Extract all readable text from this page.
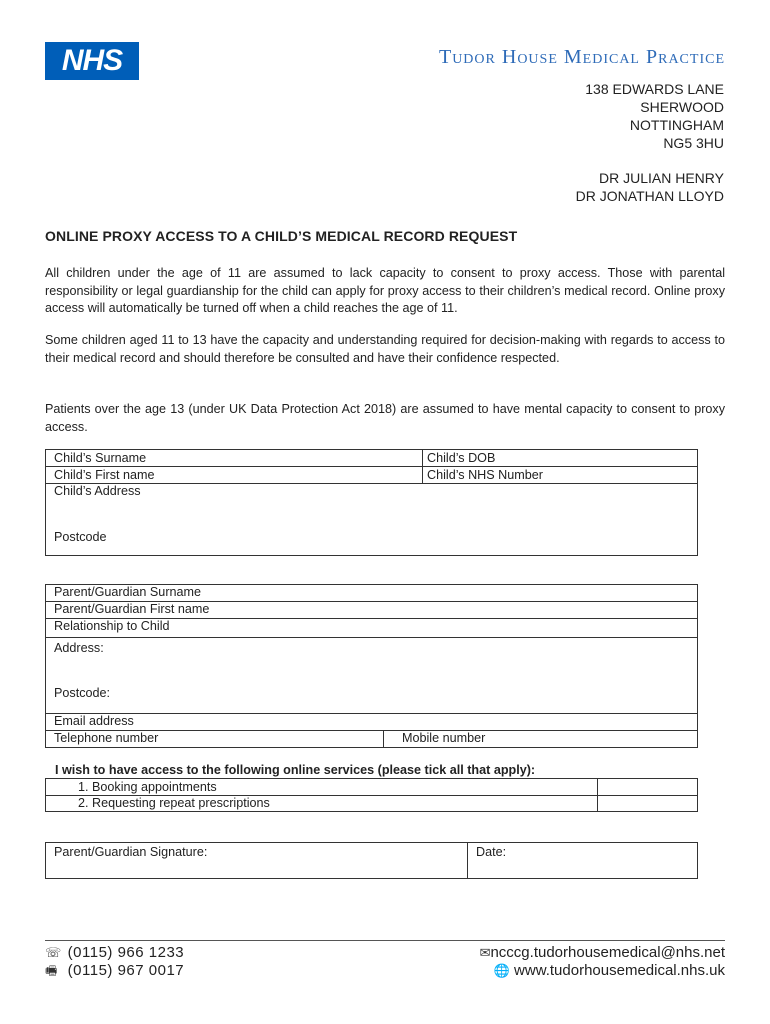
NHS	Tudor House Medical Practice
138 EDWARDS LANE
SHERWOOD
NOTTINGHAM
NG5 3HU
DR JULIAN HENRY
DR JONATHAN LLOYD
ONLINE PROXY ACCESS TO A CHILD’S MEDICAL RECORD REQUEST
All children under the age of 11 are assumed to lack capacity to consent to proxy access. Those with parental responsibility or legal guardianship for the child can apply for proxy access to their children’s medical record. Online proxy access will automatically be turned off when a child reaches the age of 11.
Some children aged 11 to 13 have the capacity and understanding required for decision-making with regards to access to their medical record and should therefore be consulted and have their confidence respected.
Patients over the age 13 (under UK Data Protection Act 2018) are assumed to have mental capacity to consent to proxy access.
Child’s Surname	Child’s DOB
Child’s First name	Child’s NHS Number
Child’s Address
Postcode
Parent/Guardian Surname
Parent/Guardian First name
Relationship to Child
Address:
Postcode:
Email address
Telephone number	Mobile number
I wish to have access to the following online services (please tick all that apply):
1. Booking appointments
2. Requesting repeat prescriptions
Parent/Guardian Signature:	Date:
☏ (0115) 966 1233
🖷 (0115) 967 0017
✉ncccg.tudorhousemedical@nhs.net
🌐 www.tudorhousemedical.nhs.uk
